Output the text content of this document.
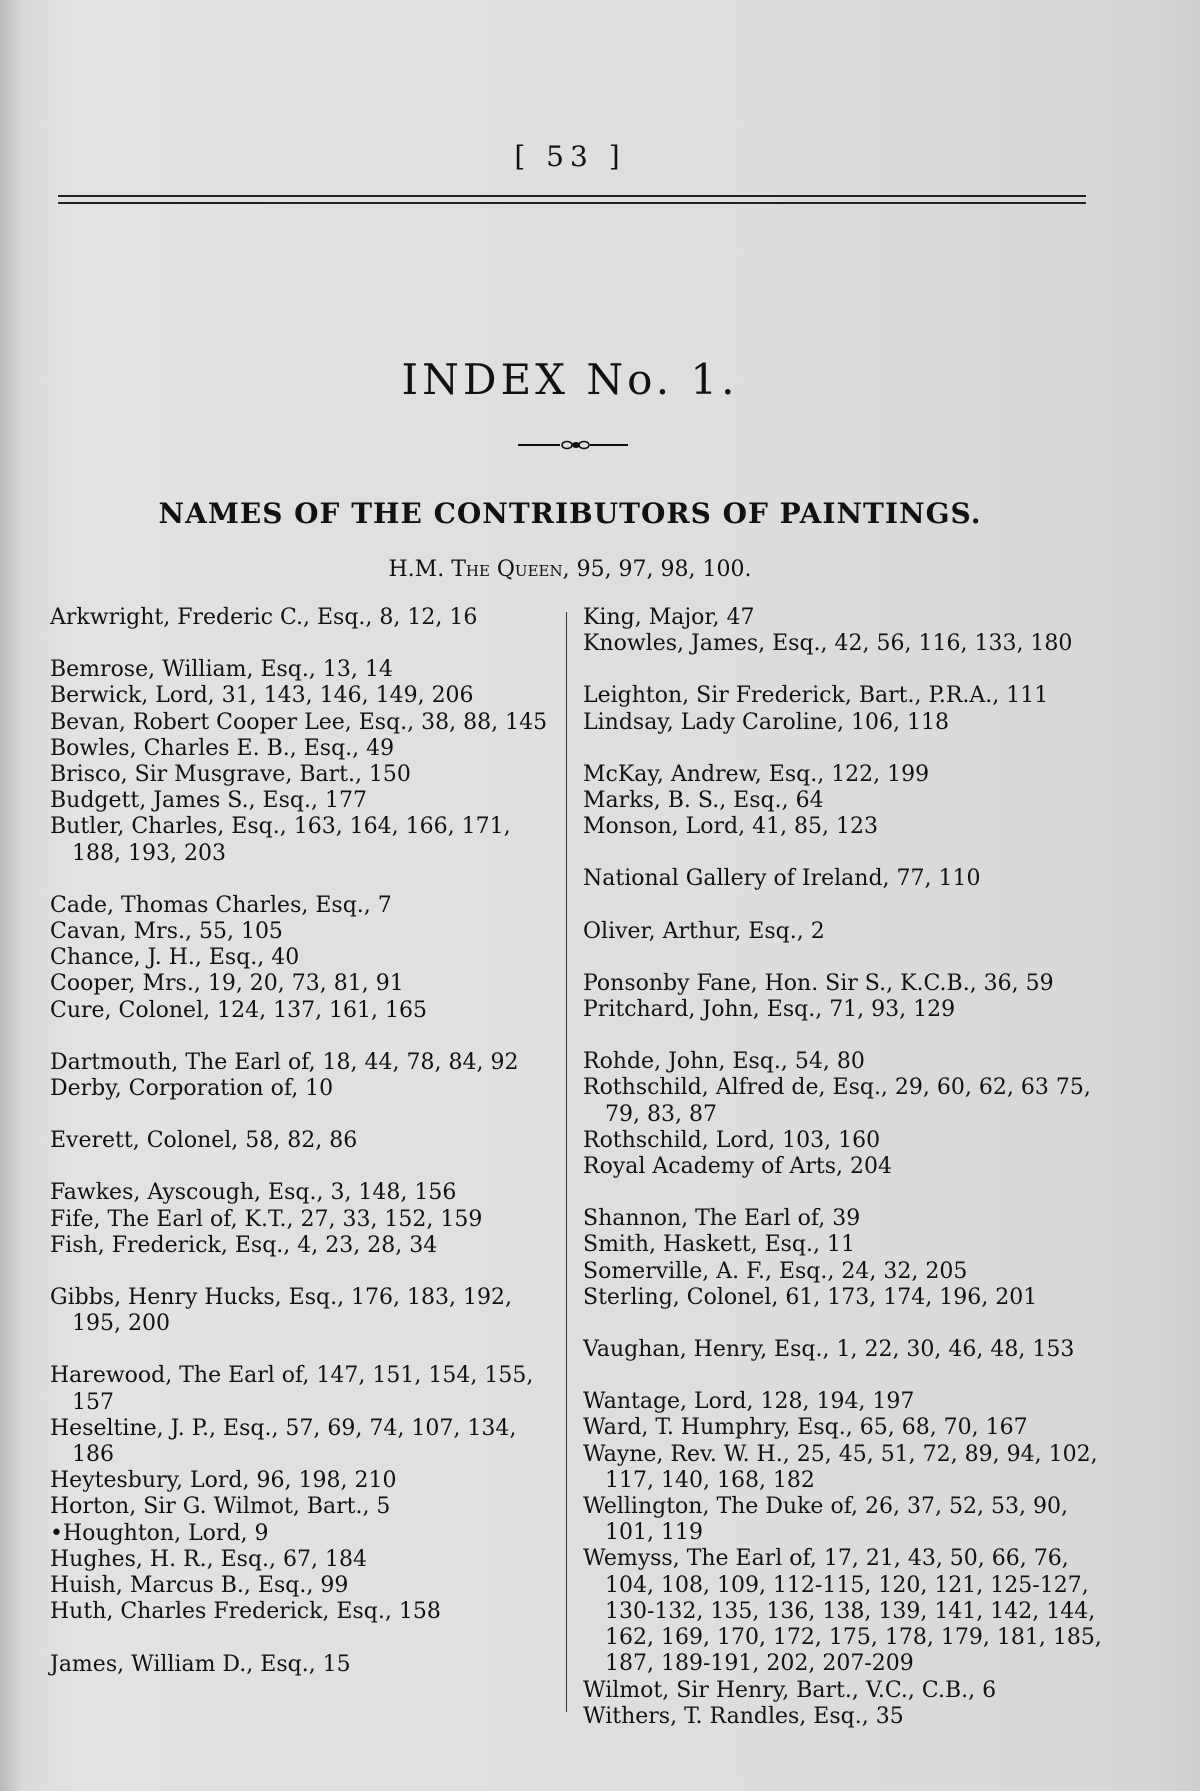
[ 53 ]
INDEX No. 1.
NAMES OF THE CONTRIBUTORS OF PAINTINGS.
H.M. The Queen, 95, 97, 98, 100.
Arkwright, Frederic C., Esq., 8, 12, 16
Bemrose, William, Esq., 13, 14
Berwick, Lord, 31, 143, 146, 149, 206
Bevan, Robert Cooper Lee, Esq., 38, 88, 145
Bowles, Charles E. B., Esq., 49
Brisco, Sir Musgrave, Bart., 150
Budgett, James S., Esq., 177
Butler, Charles, Esq., 163, 164, 166, 171, 188, 193, 203
Cade, Thomas Charles, Esq., 7
Cavan, Mrs., 55, 105
Chance, J. H., Esq., 40
Cooper, Mrs., 19, 20, 73, 81, 91
Cure, Colonel, 124, 137, 161, 165
Dartmouth, The Earl of, 18, 44, 78, 84, 92
Derby, Corporation of, 10
Everett, Colonel, 58, 82, 86
Fawkes, Ayscough, Esq., 3, 148, 156
Fife, The Earl of, K.T., 27, 33, 152, 159
Fish, Frederick, Esq., 4, 23, 28, 34
Gibbs, Henry Hucks, Esq., 176, 183, 192, 195, 200
Harewood, The Earl of, 147, 151, 154, 155, 157
Heseltine, J. P., Esq., 57, 69, 74, 107, 134, 186
Heytesbury, Lord, 96, 198, 210
Horton, Sir G. Wilmot, Bart., 5
•Houghton, Lord, 9
Hughes, H. R., Esq., 67, 184
Huish, Marcus B., Esq., 99
Huth, Charles Frederick, Esq., 158
James, William D., Esq., 15
King, Major, 47
Knowles, James, Esq., 42, 56, 116, 133, 180
Leighton, Sir Frederick, Bart., P.R.A., 111
Lindsay, Lady Caroline, 106, 118
McKay, Andrew, Esq., 122, 199
Marks, B. S., Esq., 64
Monson, Lord, 41, 85, 123
National Gallery of Ireland, 77, 110
Oliver, Arthur, Esq., 2
Ponsonby Fane, Hon. Sir S., K.C.B., 36, 59
Pritchard, John, Esq., 71, 93, 129
Rohde, John, Esq., 54, 80
Rothschild, Alfred de, Esq., 29, 60, 62, 63 75, 79, 83, 87
Rothschild, Lord, 103, 160
Royal Academy of Arts, 204
Shannon, The Earl of, 39
Smith, Haskett, Esq., 11
Somerville, A. F., Esq., 24, 32, 205
Sterling, Colonel, 61, 173, 174, 196, 201
Vaughan, Henry, Esq., 1, 22, 30, 46, 48, 153
Wantage, Lord, 128, 194, 197
Ward, T. Humphry, Esq., 65, 68, 70, 167
Wayne, Rev. W. H., 25, 45, 51, 72, 89, 94, 102, 117, 140, 168, 182
Wellington, The Duke of, 26, 37, 52, 53, 90, 101, 119
Wemyss, The Earl of, 17, 21, 43, 50, 66, 76, 104, 108, 109, 112-115, 120, 121, 125-127, 130-132, 135, 136, 138, 139, 141, 142, 144, 162, 169, 170, 172, 175, 178, 179, 181, 185, 187, 189-191, 202, 207-209
Wilmot, Sir Henry, Bart., V.C., C.B., 6
Withers, T. Randles, Esq., 35
